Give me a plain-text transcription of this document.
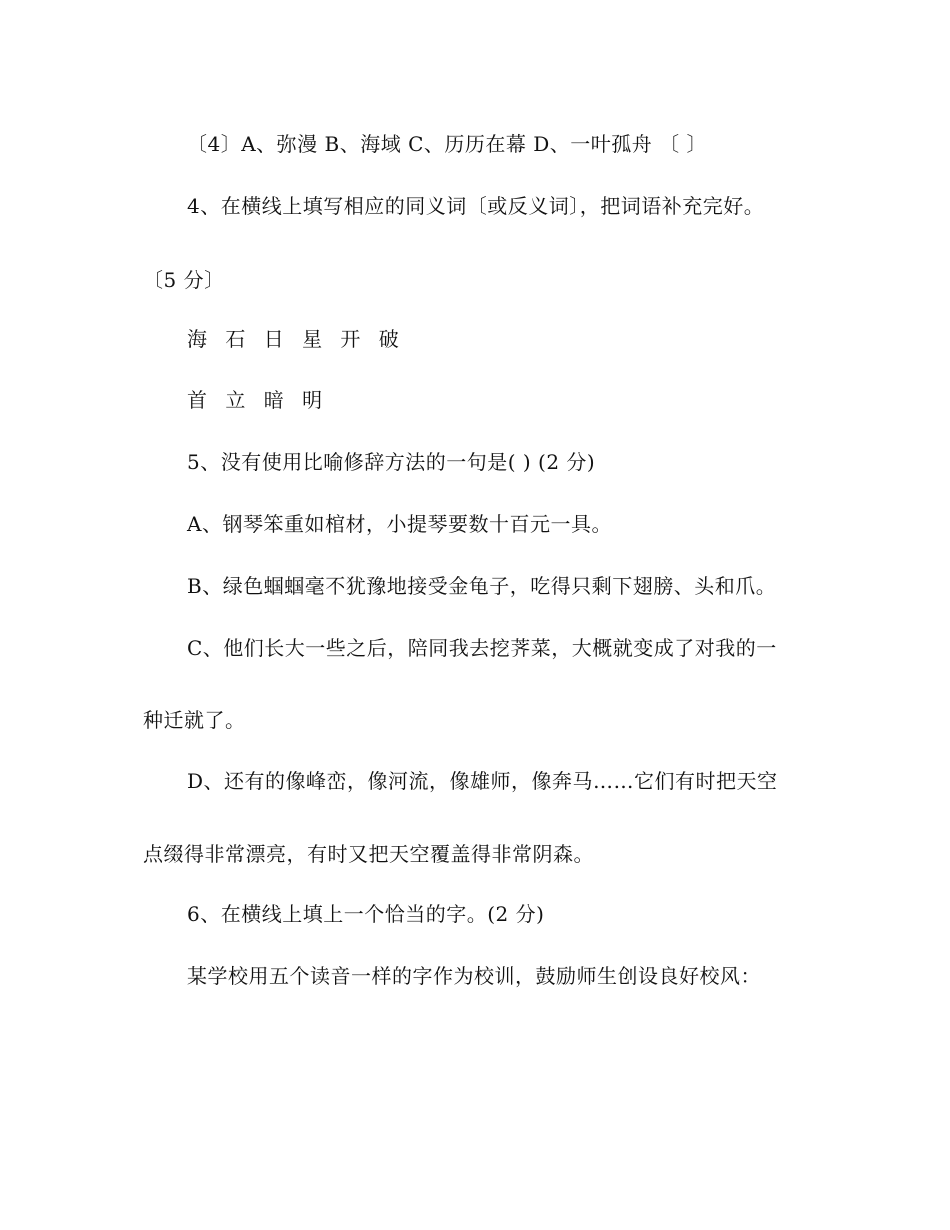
〔4〕A、弥漫 B、海域 C、历历在幕 D、一叶孤舟 〔 〕
4、在横线上填写相应的同义词〔或反义词〕，把词语补充完好。
〔5 分〕
海 石 日 星 开 破
首 立 暗 明
5、没有使用比喻修辞方法的一句是( ) (2 分)
A、钢琴笨重如棺材，小提琴要数十百元一具。
B、绿色蝈蝈毫不犹豫地接受金龟子，吃得只剩下翅膀、头和爪。
C、他们长大一些之后，陪同我去挖荠菜，大概就变成了对我的一
种迁就了。
D、还有的像峰峦，像河流，像雄师，像奔马……它们有时把天空
点缀得非常漂亮，有时又把天空覆盖得非常阴森。
6、在横线上填上一个恰当的字。(2 分)
某学校用五个读音一样的字作为校训，鼓励师生创设良好校风：
